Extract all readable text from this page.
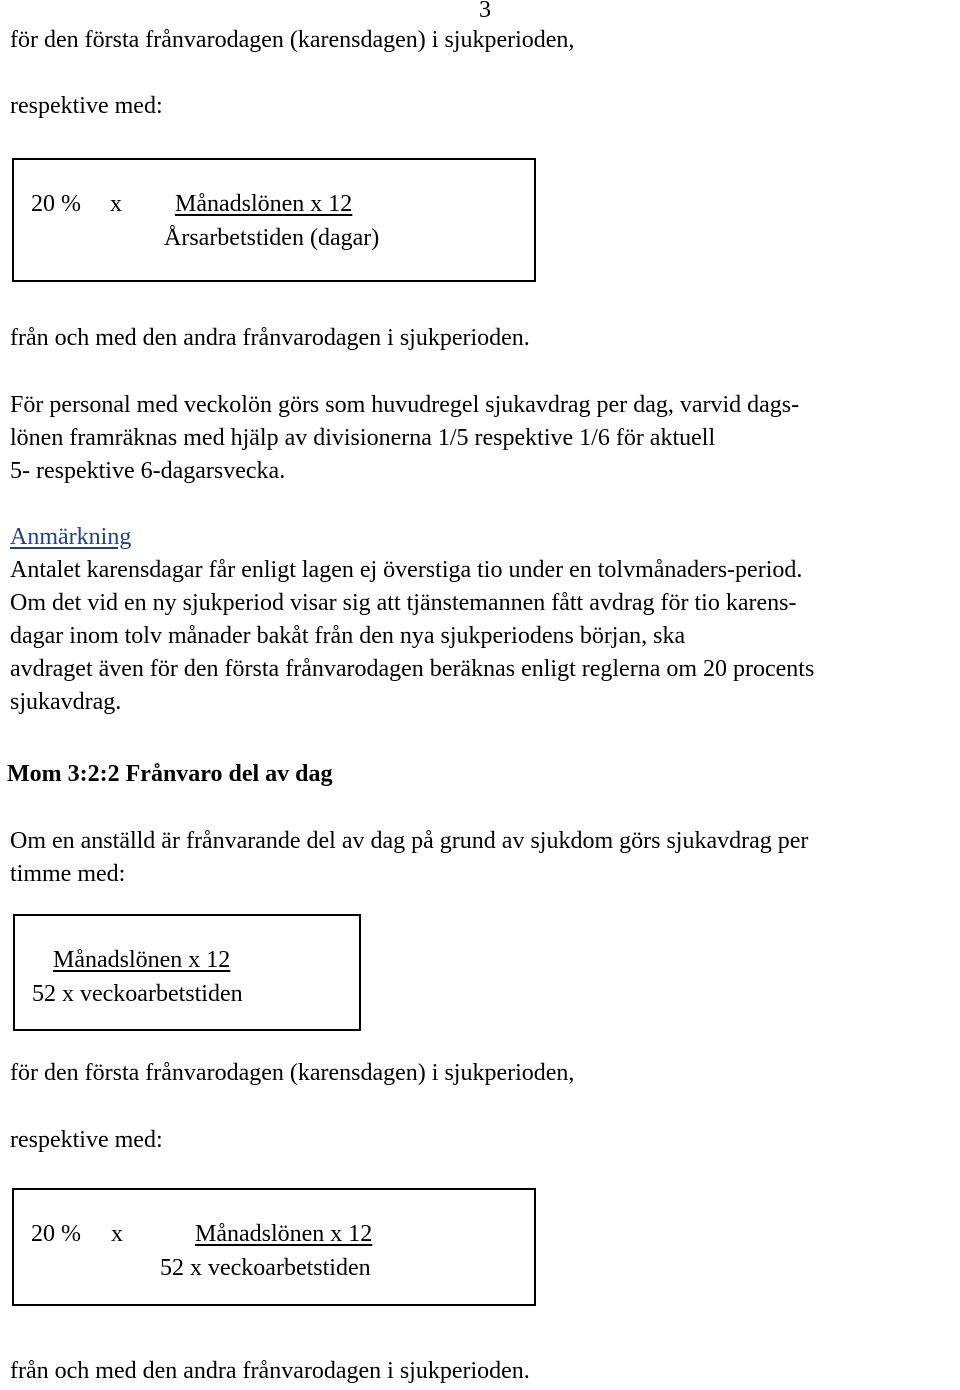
3
för den första frånvarodagen (karensdagen) i sjukperioden,
respektive med:
20 % x Månadslönen x 12
Årsarbetstiden (dagar)
från och med den andra frånvarodagen i sjukperioden.
För personal med veckolön görs som huvudregel sjukavdrag per dag, varvid dags-
lönen framräknas med hjälp av divisionerna 1/5 respektive 1/6 för aktuell
5- respektive 6-dagarsvecka.
Anmärkning
Antalet karensdagar får enligt lagen ej överstiga tio under en tolvmånaders-period.
Om det vid en ny sjukperiod visar sig att tjänstemannen fått avdrag för tio karens-
dagar inom tolv månader bakåt från den nya sjukperiodens början, ska
avdraget även för den första frånvarodagen beräknas enligt reglerna om 20 procents
sjukavdrag.
Mom 3:2:2 Frånvaro del av dag
Om en anställd är frånvarande del av dag på grund av sjukdom görs sjukavdrag per
timme med:
Månadslönen x 12
52 x veckoarbetstiden
för den första frånvarodagen (karensdagen) i sjukperioden,
respektive med:
20 % x	Månadslönen x 12
52 x veckoarbetstiden
från och med den andra frånvarodagen i sjukperioden.
